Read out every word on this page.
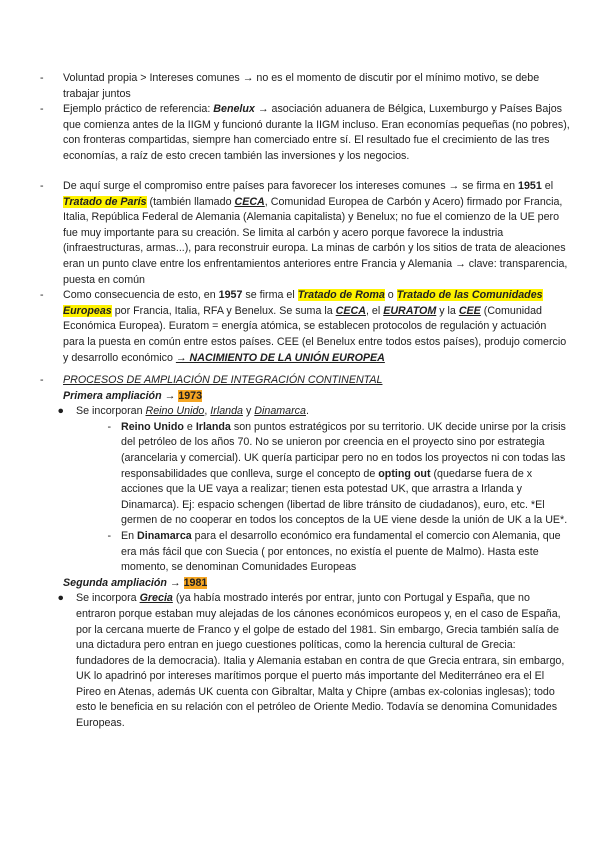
-	Voluntad propia > Intereses comunes → no es el momento de discutir por el mínimo motivo, se debe trabajar juntos
-	Ejemplo práctico de referencia: Benelux → asociación aduanera de Bélgica, Luxemburgo y Países Bajos que comienza antes de la IIGM y funcionó durante la IIGM incluso. Eran economías pequeñas (no pobres), con fronteras compartidas, siempre han comerciado entre sí. El resultado fue el crecimiento de las tres economías, a raíz de esto crecen también las inversiones y los negocios.
-	De aquí surge el compromiso entre países para favorecer los intereses comunes → se firma en 1951 el Tratado de París (también llamado CECA, Comunidad Europea de Carbón y Acero) firmado por Francia, Italia, República Federal de Alemania (Alemania capitalista) y Benelux; no fue el comienzo de la UE pero fue muy importante para su creación. Se limita al carbón y acero porque favorece la industria (infraestructuras, armas...), para reconstruir europa. La minas de carbón y los sitios de trata de aleaciones eran un punto clave entre los enfrentamientos anteriores entre Francia y Alemania → clave: transparencia, puesta en común
-	Como consecuencia de esto, en 1957 se firma el Tratado de Roma o Tratado de las Comunidades Europeas por Francia, Italia, RFA y Benelux. Se suma la CECA, el EURATOM y la CEE (Comunidad Económica Europea). Euratom = energía atómica, se establecen protocolos de regulación y actuación para la puesta en común entre estos países. CEE (el Benelux entre todos estos países), produjo comercio y desarrollo económico → NACIMIENTO DE LA UNIÓN EUROPEA
-	PROCESOS DE AMPLIACIÓN DE INTEGRACIÓN CONTINENTAL
Primera ampliación → 1973
●	Se incorporan Reino Unido, Irlanda y Dinamarca.
- Reino Unido e Irlanda son puntos estratégicos por su territorio. UK decide unirse por la crisis del petróleo de los años 70. No se unieron por creencia en el proyecto sino por estrategia (arancelaria y comercial). UK quería participar pero no en todos los proyectos ni con todas las responsabilidades que conlleva, surge el concepto de opting out (quedarse fuera de x acciones que la UE vaya a realizar; tienen esta potestad UK, que arrastra a Irlanda y Dinamarca). Ej: espacio schengen (libertad de libre tránsito de ciudadanos), euro, etc. *El germen de no cooperar en todos los conceptos de la UE viene desde la unión de UK a la UE*.
- En Dinamarca para el desarrollo económico era fundamental el comercio con Alemania, que era más fácil que con Suecia ( por entonces, no existía el puente de Malmo). Hasta este momento, se denominan Comunidades Europeas
Segunda ampliación → 1981
●	Se incorpora Grecia (ya había mostrado interés por entrar, junto con Portugal y España, que no entraron porque estaban muy alejadas de los cánones económicos europeos y, en el caso de España, por la cercana muerte de Franco y el golpe de estado del 1981. Sin embargo, Grecia también salía de una dictadura pero entran en juego cuestiones políticas, como la herencia cultural de Grecia: fundadores de la democracia). Italia y Alemania estaban en contra de que Grecia entrara, sin embargo, UK lo apadrinó por intereses marítimos porque el puerto más importante del Mediterráneo era el El Pireo en Atenas, además UK cuenta con Gibraltar, Malta y Chipre (ambas ex-colonias inglesas); todo esto le beneficia en su relación con el petróleo de Oriente Medio. Todavía se denomina Comunidades Europeas.
